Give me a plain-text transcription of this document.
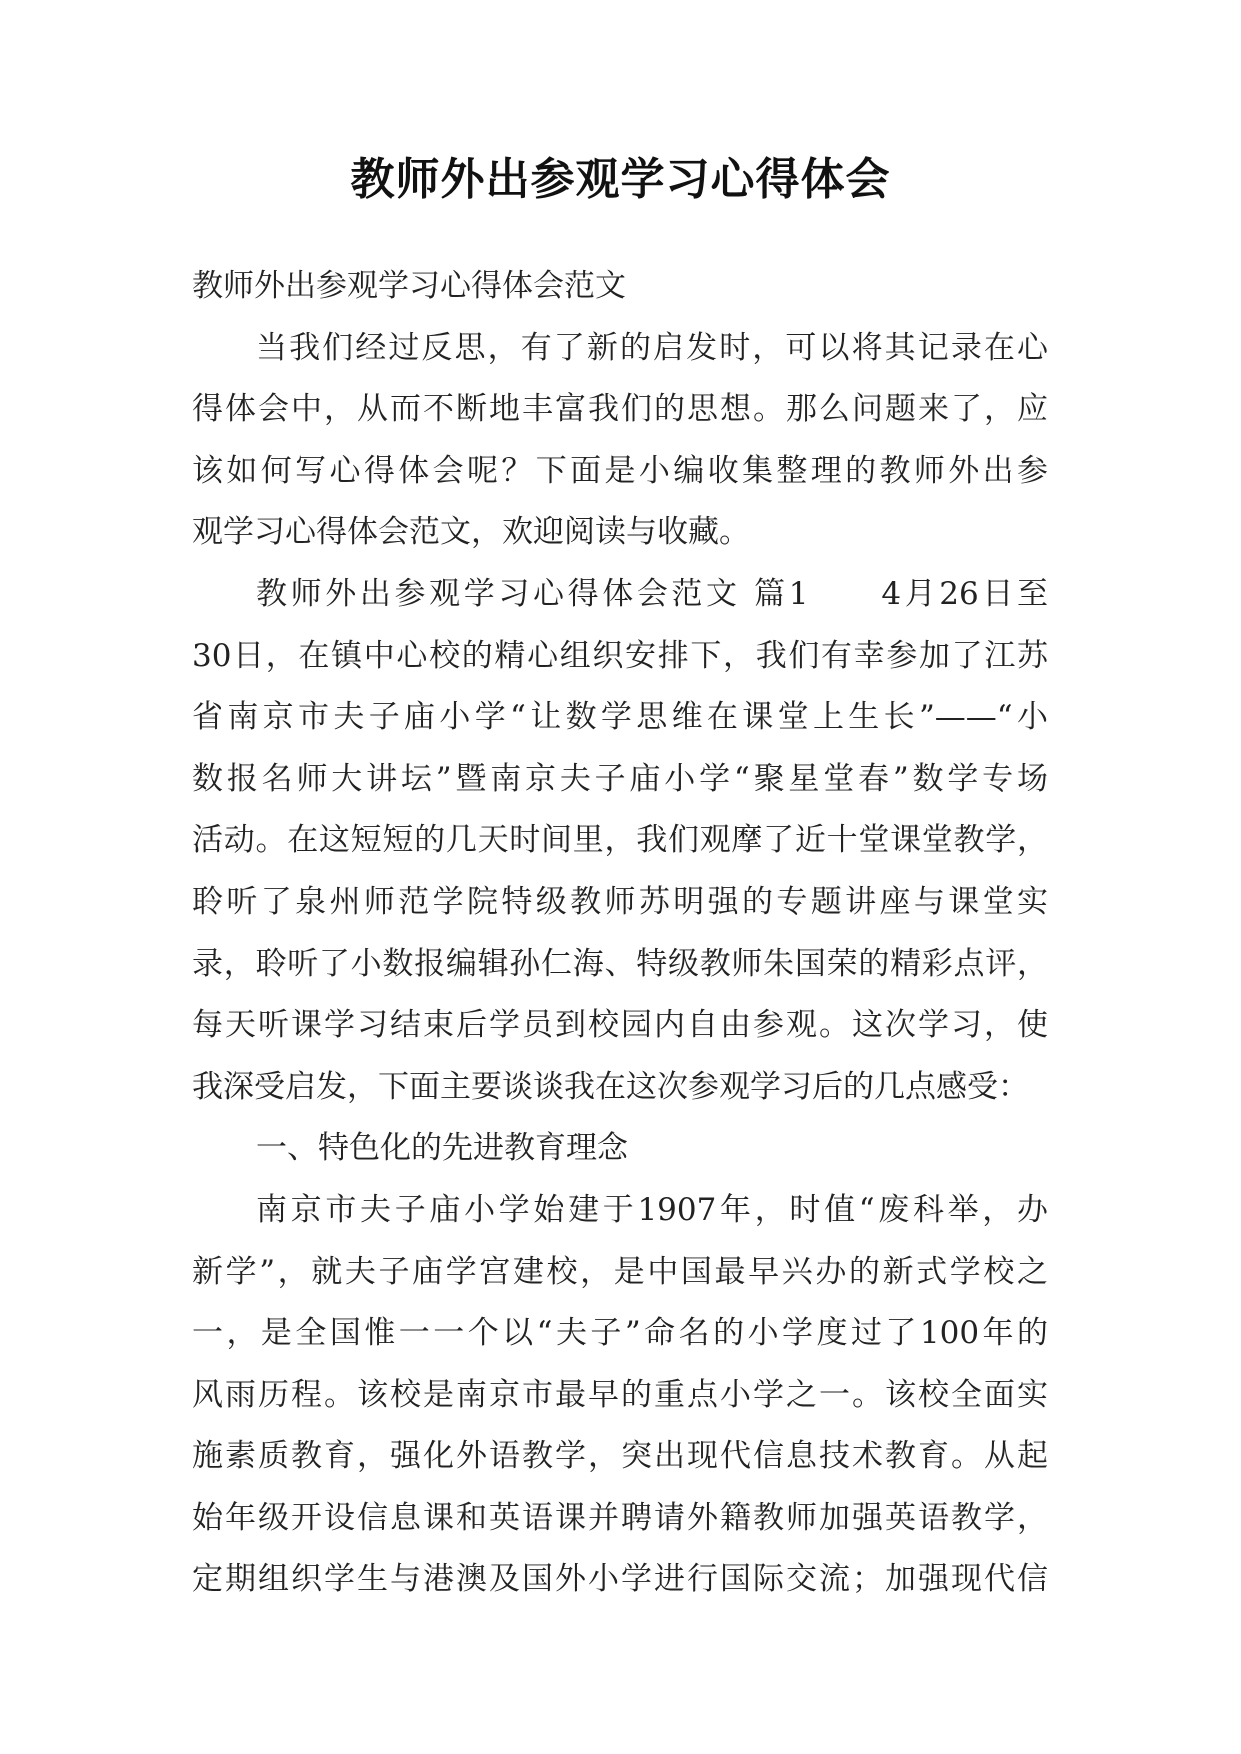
教师外出参观学习心得体会
教师外出参观学习心得体会范文
当我们经过反思，有了新的启发时，可以将其记录在心
得体会中，从而不断地丰富我们的思想。那么问题来了，应
该如何写心得体会呢？下面是小编收集整理的教师外出参
观学习心得体会范文，欢迎阅读与收藏。
教师外出参观学习心得体会范文 篇1　　4月26日至
30日，在镇中心校的精心组织安排下，我们有幸参加了江苏
省南京市夫子庙小学“让数学思维在课堂上生长”——“小
数报名师大讲坛”暨南京夫子庙小学“聚星堂春”数学专场
活动。在这短短的几天时间里，我们观摩了近十堂课堂教学，
聆听了泉州师范学院特级教师苏明强的专题讲座与课堂实
录，聆听了小数报编辑孙仁海、特级教师朱国荣的精彩点评，
每天听课学习结束后学员到校园内自由参观。这次学习，使
我深受启发，下面主要谈谈我在这次参观学习后的几点感受：
一、特色化的先进教育理念
南京市夫子庙小学始建于1907年，时值“废科举，办
新学”，就夫子庙学宫建校，是中国最早兴办的新式学校之
一，是全国惟一一个以“夫子”命名的小学度过了100年的
风雨历程。该校是南京市最早的重点小学之一。该校全面实
施素质教育，强化外语教学，突出现代信息技术教育。从起
始年级开设信息课和英语课并聘请外籍教师加强英语教学，
定期组织学生与港澳及国外小学进行国际交流；加强现代信
